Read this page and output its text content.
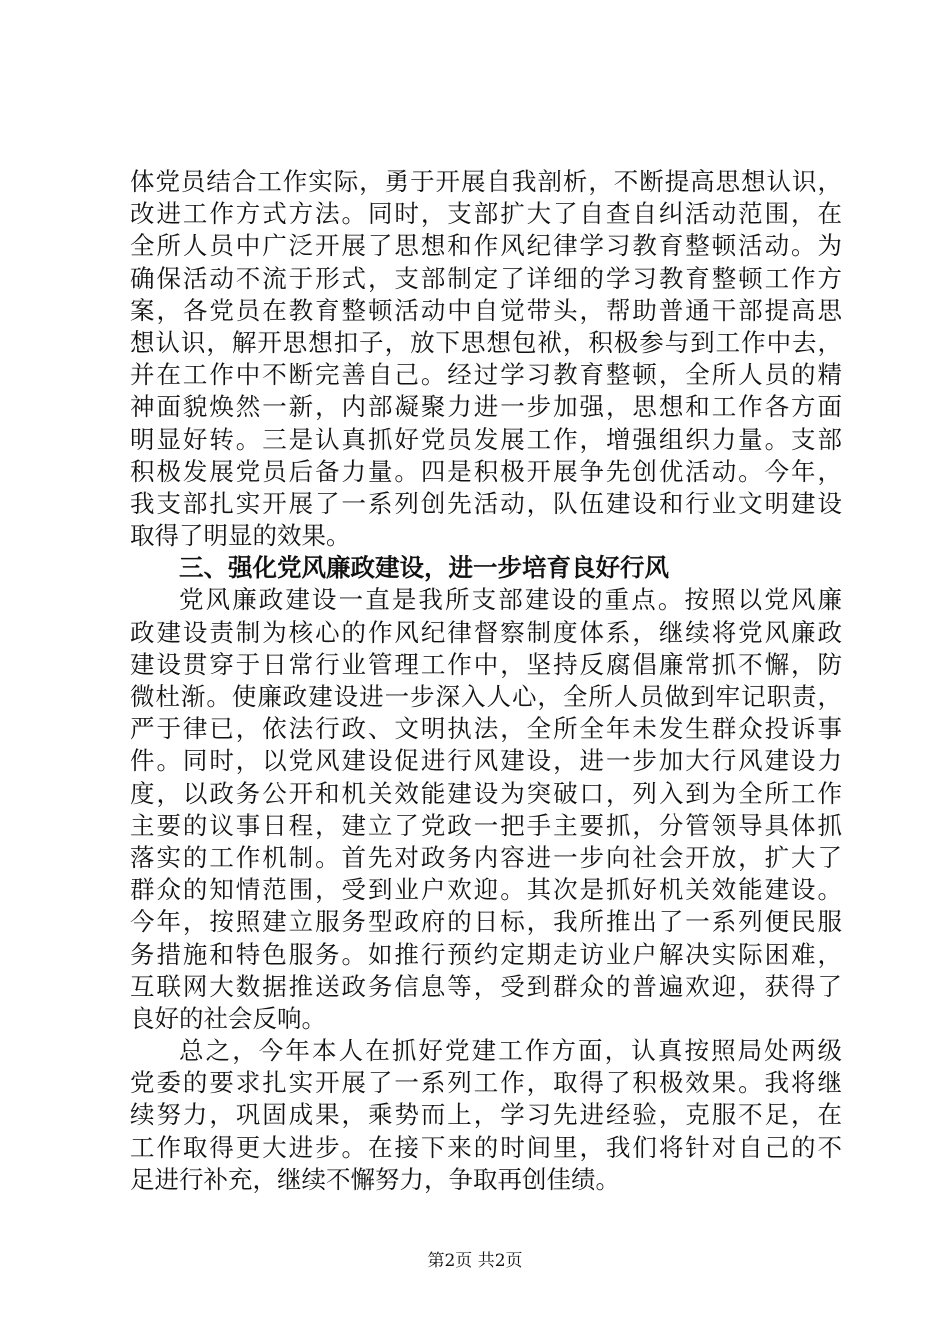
体党员结合工作实际，勇于开展自我剖析，不断提高思想认识，
改进工作方式方法。同时，支部扩大了自查自纠活动范围，在
全所人员中广泛开展了思想和作风纪律学习教育整顿活动。为
确保活动不流于形式，支部制定了详细的学习教育整顿工作方
案，各党员在教育整顿活动中自觉带头，帮助普通干部提高思
想认识，解开思想扣子，放下思想包袱，积极参与到工作中去，
并在工作中不断完善自己。经过学习教育整顿，全所人员的精
神面貌焕然一新，内部凝聚力进一步加强，思想和工作各方面
明显好转。三是认真抓好党员发展工作，增强组织力量。支部
积极发展党员后备力量。四是积极开展争先创优活动。今年，
我支部扎实开展了一系列创先活动，队伍建设和行业文明建设
取得了明显的效果。
三、强化党风廉政建设，进一步培育良好行风
党风廉政建设一直是我所支部建设的重点。按照以党风廉
政建设责制为核心的作风纪律督察制度体系，继续将党风廉政
建设贯穿于日常行业管理工作中，坚持反腐倡廉常抓不懈，防
微杜渐。使廉政建设进一步深入人心，全所人员做到牢记职责，
严于律已，依法行政、文明执法，全所全年未发生群众投诉事
件。同时，以党风建设促进行风建设，进一步加大行风建设力
度，以政务公开和机关效能建设为突破口，列入到为全所工作
主要的议事日程，建立了党政一把手主要抓，分管领导具体抓
落实的工作机制。首先对政务内容进一步向社会开放，扩大了
群众的知情范围，受到业户欢迎。其次是抓好机关效能建设。
今年，按照建立服务型政府的日标，我所推出了一系列便民服
务措施和特色服务。如推行预约定期走访业户解决实际困难，
互联网大数据推送政务信息等，受到群众的普遍欢迎，获得了
良好的社会反响。
总之，今年本人在抓好党建工作方面，认真按照局处两级
党委的要求扎实开展了一系列工作，取得了积极效果。我将继
续努力，巩固成果，乘势而上，学习先进经验，克服不足，在
工作取得更大进步。在接下来的时间里，我们将针对自己的不
足进行补充，继续不懈努力，争取再创佳绩。
第2页 共2页
